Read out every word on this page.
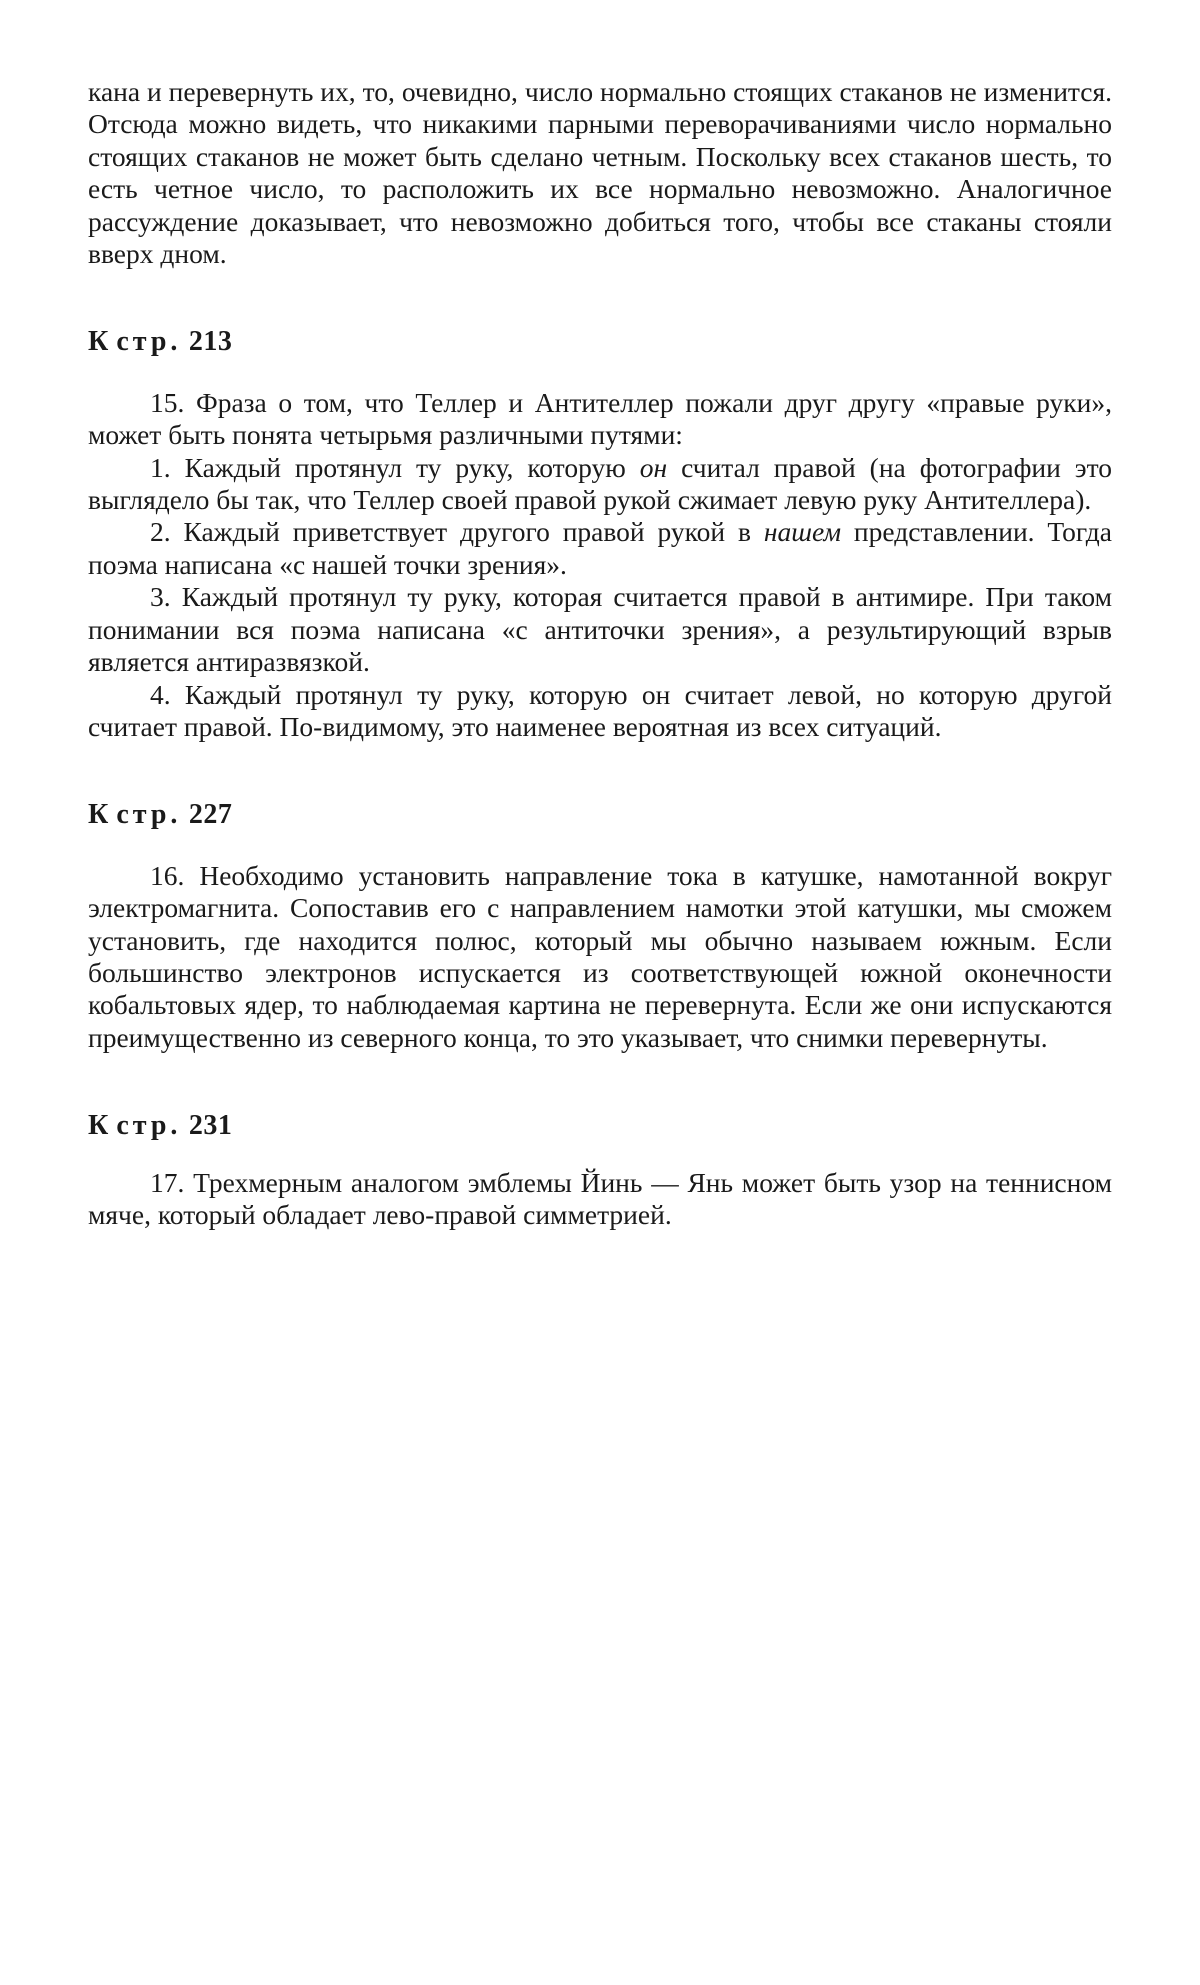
кана и перевернуть их, то, очевидно, число нормально стоящих стаканов не изменится. Отсюда можно видеть, что никакими парными переворачиваниями число нормально стоящих стаканов не может быть сделано четным. Поскольку всех стаканов шесть, то есть четное число, то расположить их все нормально невозможно. Аналогичное рассуждение доказывает, что невозможно добиться того, чтобы все стаканы стояли вверх дном.

К стр. 213

15. Фраза о том, что Теллер и Антителлер пожали друг другу «правые руки», может быть понята четырьмя различными путями:

1. Каждый протянул ту руку, которую он считал правой (на фотографии это выглядело бы так, что Теллер своей правой рукой сжимает левую руку Антителлера).

2. Каждый приветствует другого правой рукой в нашем представлении. Тогда поэма написана «с нашей точки зрения».

3. Каждый протянул ту руку, которая считается правой в антимире. При таком понимании вся поэма написана «с антиточки зрения», а результирующий взрыв является антиразвязкой.

4. Каждый протянул ту руку, которую он считает левой, но которую другой считает правой. По-видимому, это наименее вероятная из всех ситуаций.

К стр. 227

16. Необходимо установить направление тока в катушке, намотанной вокруг электромагнита. Сопоставив его с направлением намотки этой катушки, мы сможем установить, где находится полюс, который мы обычно называем южным. Если большинство электронов испускается из соответствующей южной оконечности кобальтовых ядер, то наблюдаемая картина не перевернута. Если же они испускаются преимущественно из северного конца, то это указывает, что снимки перевернуты.

К стр. 231

17. Трехмерным аналогом эмблемы Йинь — Янь может быть узор на теннисном мяче, который обладает лево-правой симметрией.
